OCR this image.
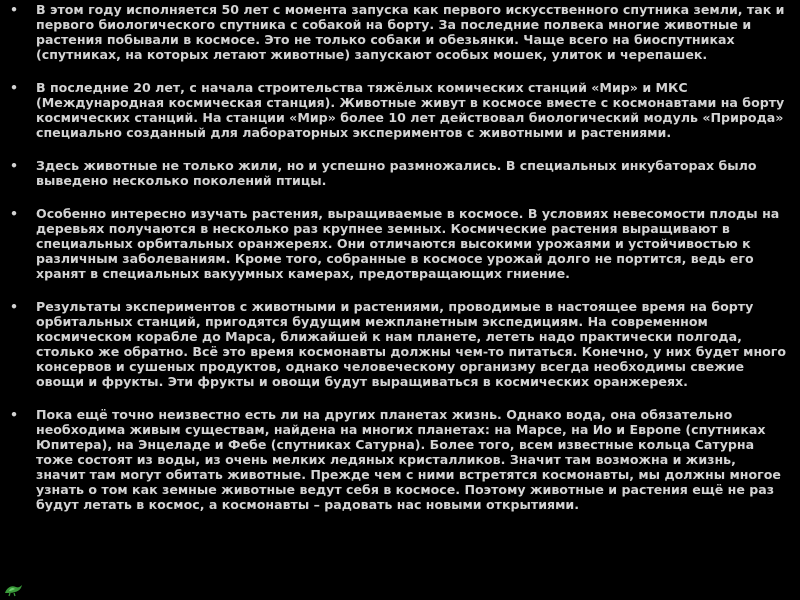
• В этом году исполняется 50 лет с момента запуска как первого искусственного спутника земли, так и первого биологического спутника с собакой на борту. За последние полвека многие животные и растения побывали в космосе. Это не только собаки и обезьянки. Чаще всего на биоспутниках (спутниках, на которых летают животные) запускают особых мошек, улиток и черепашек.
• В последние 20 лет, с начала строительства тяжёлых комических станций «Мир» и МКС (Международная космическая станция). Животные живут в космосе вместе с космонавтами на борту космических станций. На станции «Мир» более 10 лет действовал биологический модуль «Природа» специально созданный для лабораторных экспериментов с животными и растениями.
• Здесь животные не только жили, но и успешно размножались. В специальных инкубаторах было выведено несколько поколений птицы.
• Особенно интересно изучать растения, выращиваемые в космосе. В условиях невесомости плоды на деревьях получаются в несколько раз крупнее земных. Космические растения выращивают в специальных орбитальных оранжереях. Они отличаются высокими урожаями и устойчивостью к различным заболеваниям. Кроме того, собранные в космосе урожай долго не портится, ведь его хранят в специальных вакуумных камерах, предотвращающих гниение.
• Результаты экспериментов с животными и растениями, проводимые в настоящее время на борту орбитальных станций, пригодятся будущим межпланетным экспедициям. На современном космическом корабле до Марса, ближайшей к нам планете, лететь надо практически полгода, столько же обратно. Всё это время космонавты должны чем-то питаться. Конечно, у них будет много консервов и сушеных продуктов, однако человеческому организму всегда необходимы свежие овощи и фрукты. Эти фрукты и овощи будут выращиваться в космических оранжереях.
• Пока ещё точно неизвестно есть ли на других планетах жизнь. Однако вода, она обязательно необходима живым существам, найдена на многих планетах: на Марсе, на Ио и Европе (спутниках Юпитера), на Энцеладе и Фебе (спутниках Сатурна). Более того, всем известные кольца Сатурна тоже состоят из воды, из очень мелких ледяных кристалликов. Значит там возможна и жизнь, значит там могут обитать животные. Прежде чем с ними встретятся космонавты, мы должны многое узнать о том как земные животные ведут себя в космосе. Поэтому животные и растения ещё не раз будут летать в космос, а космонавты – радовать нас новыми открытиями.
